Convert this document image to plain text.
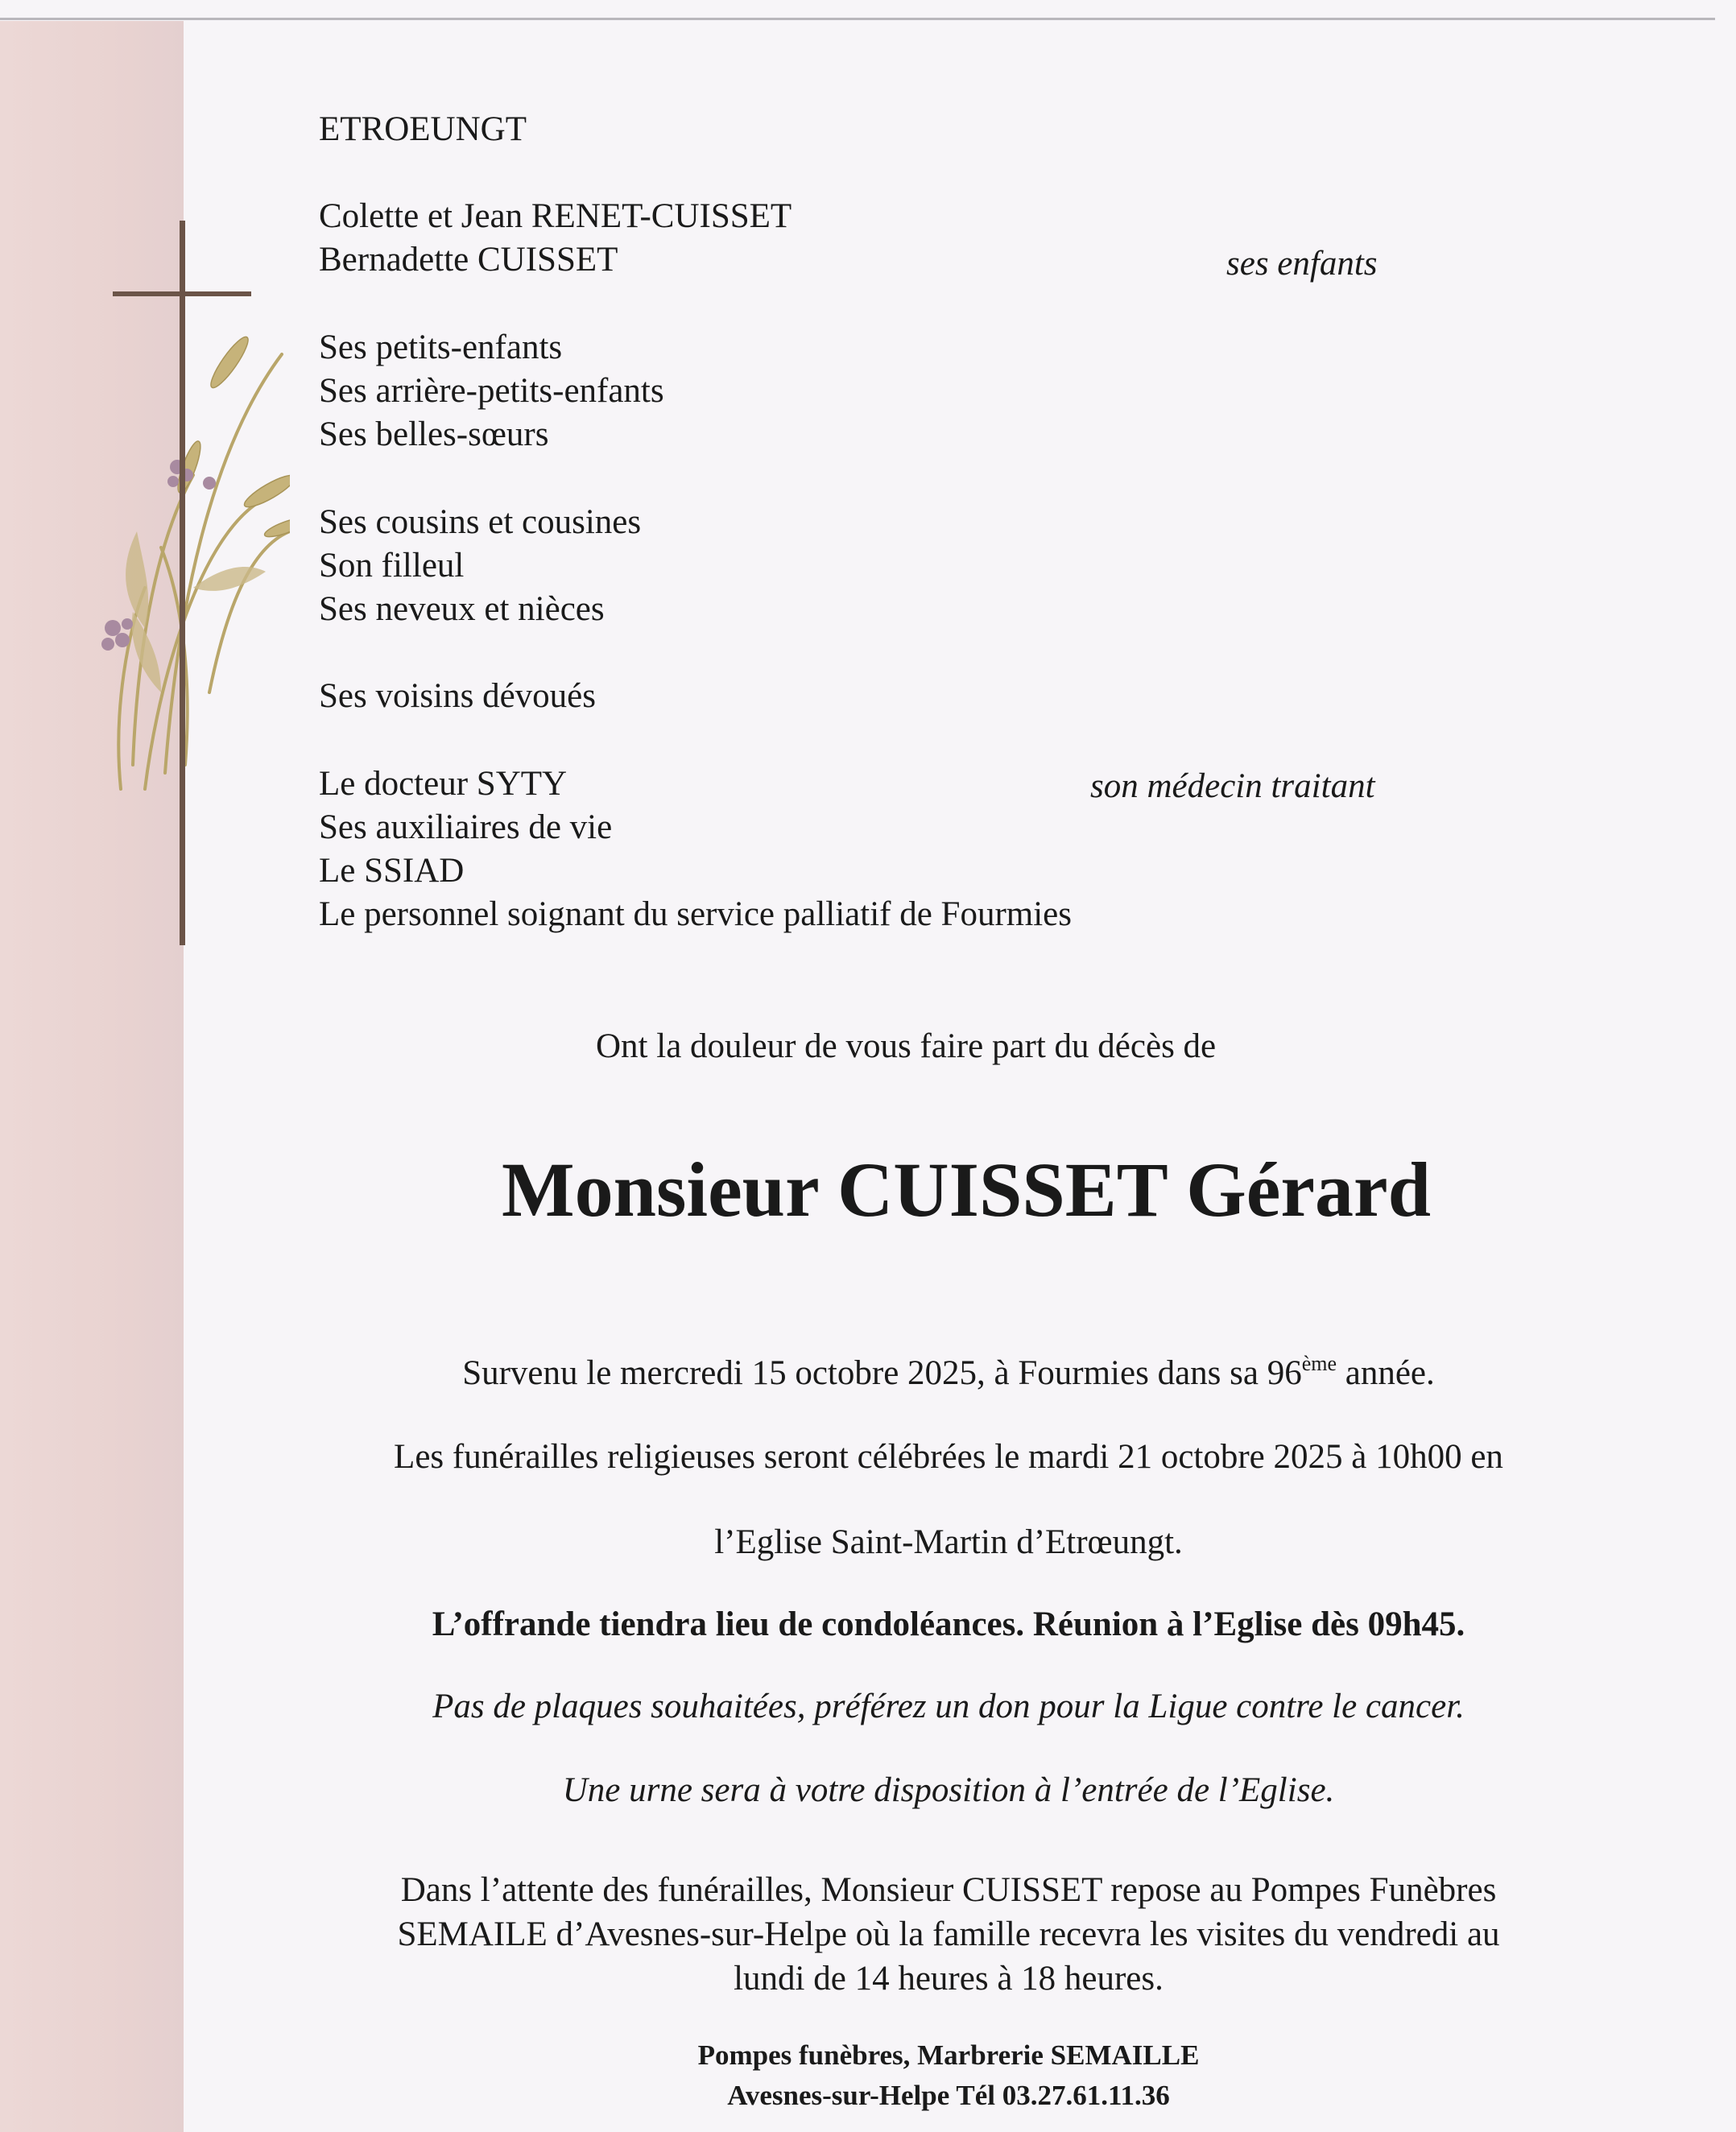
ETROEUNGT
Colette et Jean RENET-CUISSET
Bernadette CUISSET	ses enfants
Ses petits-enfants
Ses arrière-petits-enfants
Ses belles-sœurs
Ses cousins et cousines
Son filleul
Ses neveux et nièces
Ses voisins dévoués
Le docteur SYTY	son médecin traitant
Ses auxiliaires de vie
Le SSIAD
Le personnel soignant du service palliatif de Fourmies
Ont la douleur de vous faire part du décès de
Monsieur CUISSET Gérard
Survenu le mercredi 15 octobre 2025, à Fourmies dans sa 96ème année.
Les funérailles religieuses seront célébrées le mardi 21 octobre 2025 à 10h00 en
l’Eglise Saint-Martin d’Etrœungt.
L’offrande tiendra lieu de condoléances. Réunion à l’Eglise dès 09h45.
Pas de plaques souhaitées, préférez un don pour la Ligue contre le cancer.
Une urne sera à votre disposition à l’entrée de l’Eglise.
Dans l’attente des funérailles, Monsieur CUISSET repose au Pompes Funèbres
SEMAILE d’Avesnes-sur-Helpe où la famille recevra les visites du vendredi au
lundi de 14 heures à 18 heures.
Pompes funèbres, Marbrerie SEMAILLE
Avesnes-sur-Helpe Tél 03.27.61.11.36
